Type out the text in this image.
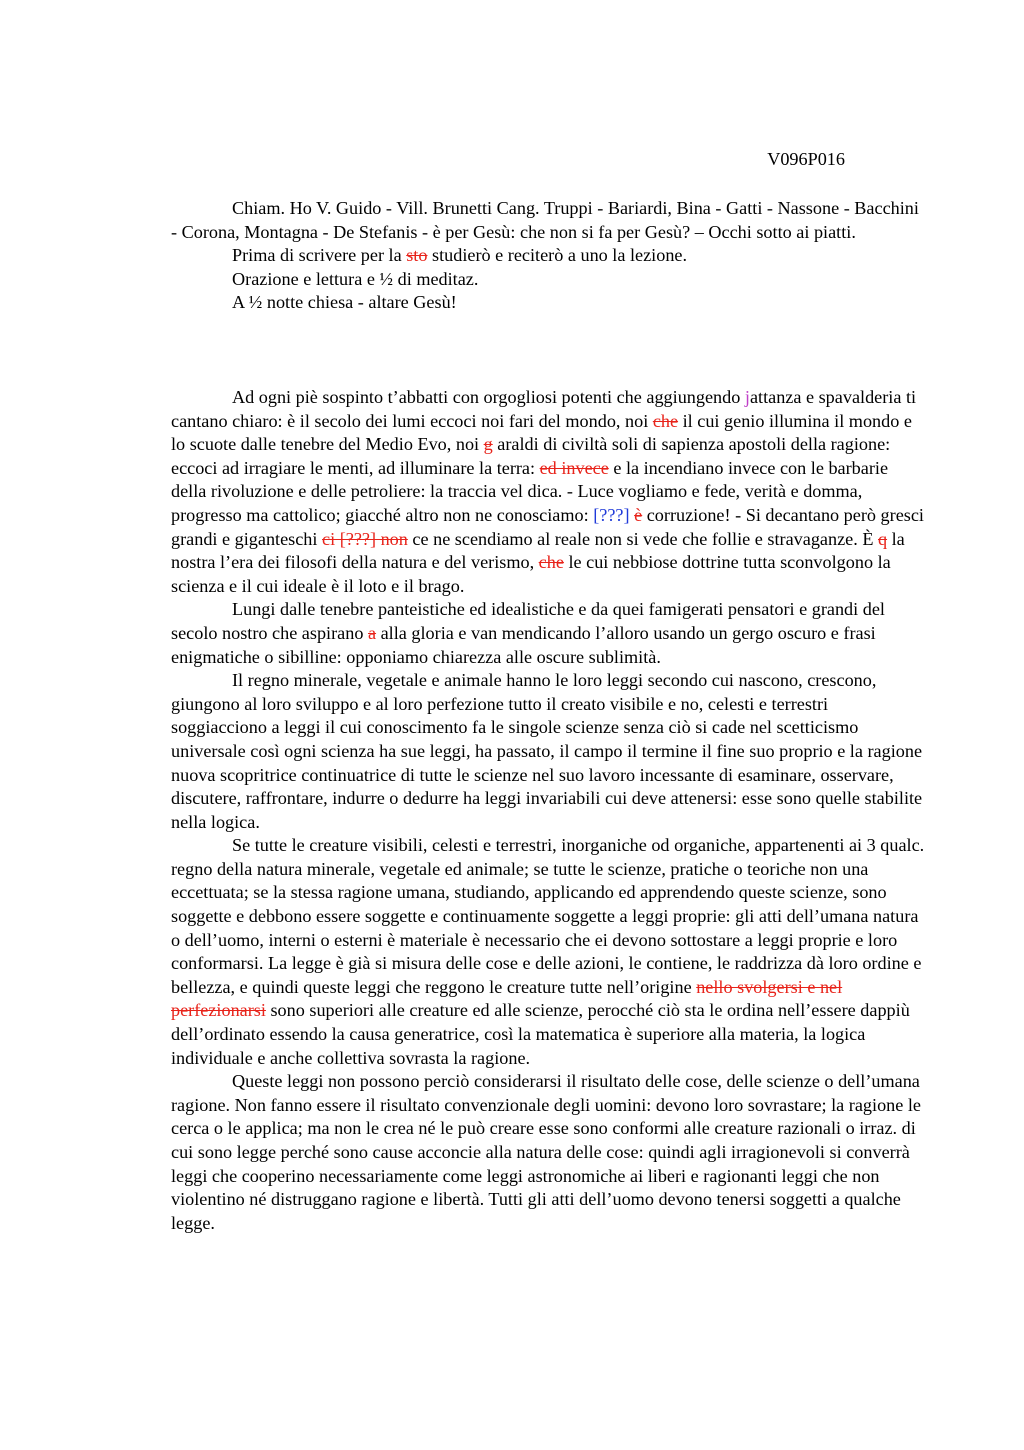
V096P016

Chiam. Ho V. Guido - Vill. Brunetti Cang. Truppi - Bariardi, Bina - Gatti - Nassone - Bacchini - Corona, Montagna - De Stefanis - è per Gesù: che non si fa per Gesù? – Occhi sotto ai piatti.

Prima di scrivere per la sto studierò e reciterò a uno la lezione.

Orazione e lettura e ½ di meditaz.

A ½ notte chiesa - altare Gesù!

Ad ogni piè sospinto t’abbatti con orgogliosi potenti che aggiungendo jattanza e spavalderia ti cantano chiaro: è il secolo dei lumi eccoci noi fari del mondo, noi che il cui genio illumina il mondo e lo scuote dalle tenebre del Medio Evo, noi g araldi di civiltà soli di sapienza apostoli della ragione: eccoci ad irragiare le menti, ad illuminare la terra: ed invece e la incendiano invece con le barbarie della rivoluzione e delle petroliere: la traccia vel dica. - Luce vogliamo e fede, verità e domma, progresso ma cattolico; giacché altro non ne conosciamo: [???] è corruzione! - Si decantano però gresci grandi e giganteschi ci [???] non ce ne scendiamo al reale non si vede che follie e stravaganze. È q la nostra l’era dei filosofi della natura e del verismo, che le cui nebbiose dottrine tutta sconvolgono la scienza e il cui ideale è il loto e il brago.

Lungi dalle tenebre panteistiche ed idealistiche e da quei famigerati pensatori e grandi del secolo nostro che aspirano a alla gloria e van mendicando l’alloro usando un gergo oscuro e frasi enigmatiche o sibilline: opponiamo chiarezza alle oscure sublimità.

Il regno minerale, vegetale e animale hanno le loro leggi secondo cui nascono, crescono, giungono al loro sviluppo e al loro perfezione tutto il creato visibile e no, celesti e terrestri soggiacciono a leggi il cui conoscimento fa le singole scienze senza ciò si cade nel scetticismo universale così ogni scienza ha sue leggi, ha passato, il campo il termine il fine suo proprio e la ragione nuova scopritrice continuatrice di tutte le scienze nel suo lavoro incessante di esaminare, osservare, discutere, raffrontare, indurre o dedurre ha leggi invariabili cui deve attenersi: esse sono quelle stabilite nella logica.

Se tutte le creature visibili, celesti e terrestri, inorganiche od organiche, appartenenti ai 3 qualc. regno della natura minerale, vegetale ed animale; se tutte le scienze, pratiche o teoriche non una eccettuata; se la stessa ragione umana, studiando, applicando ed apprendendo queste scienze, sono soggette e debbono essere soggette e continuamente soggette a leggi proprie: gli atti dell’umana natura o dell’uomo, interni o esterni è materiale è necessario che ei devono sottostare a leggi proprie e loro conformarsi. La legge è già si misura delle cose e delle azioni, le contiene, le raddrizza dà loro ordine e bellezza, e quindi queste leggi che reggono le creature tutte nell’origine nello svolgersi e nel perfezionarsi sono superiori alle creature ed alle scienze, perocché ciò sta le ordina nell’essere dappiù dell’ordinato essendo la causa generatrice, così la matematica è superiore alla materia, la logica individuale e anche collettiva sovrasta la ragione.

Queste leggi non possono perciò considerarsi il risultato delle cose, delle scienze o dell’umana ragione. Non fanno essere il risultato convenzionale degli uomini: devono loro sovrastare; la ragione le cerca o le applica; ma non le crea né le può creare esse sono conformi alle creature razionali o irraz. di cui sono legge perché sono cause acconcie alla natura delle cose: quindi agli irragionevoli si converrà leggi che cooperino necessariamente come leggi astronomiche ai liberi e ragionanti leggi che non violentino né distruggano ragione e libertà. Tutti gli atti dell’uomo devono tenersi soggetti a qualche legge.
